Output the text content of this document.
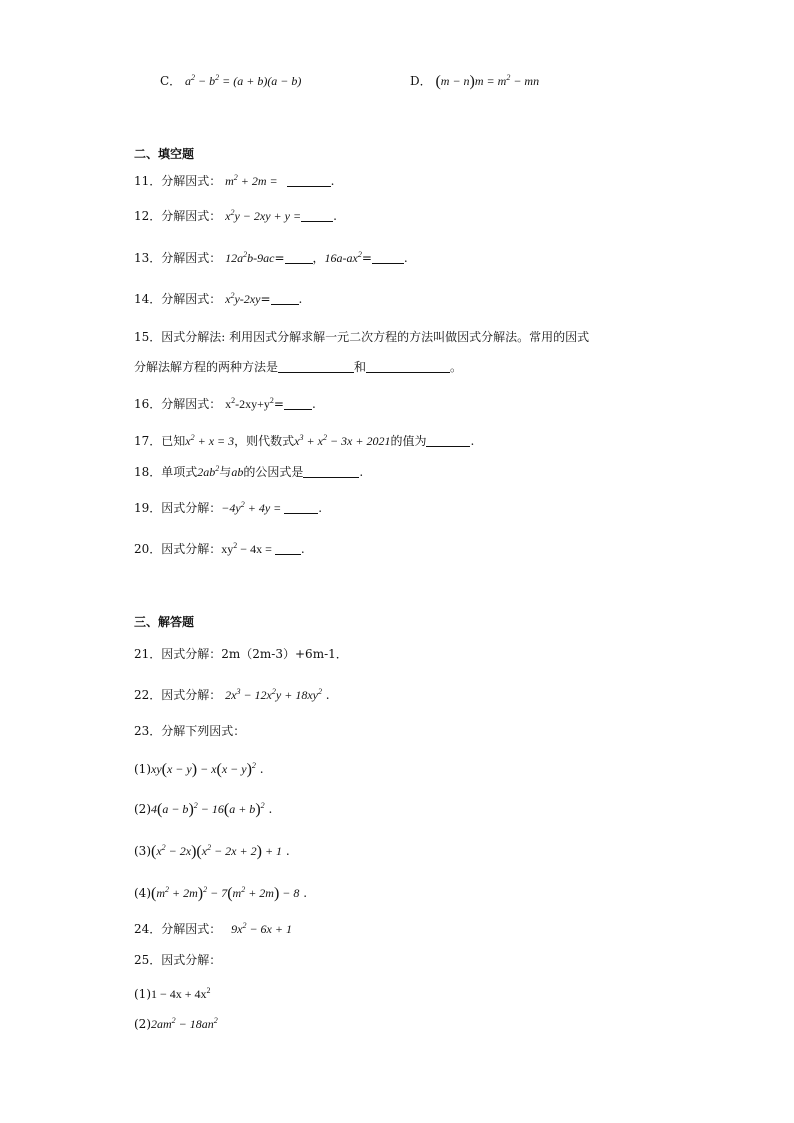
C． $a^2 - b^2 = (a + b)(a - b)$	D． $(m - n)m = m^2$ − mn
二、填空题
11．分解因式： $m^2 + 2m$ =	.
12．分解因式： $x^2y - 2xy + y$ =	.
13．分解因式： $12a^2b-9ac=$ ，$16a-ax^2=$	.
14．分解因式： $x^2y-2xy=$ .
15．因式分解法: 利用因式分解求解一元二次方程的方法叫做因式分解法。常用的因式
分解法解方程的两种方法是	和	。
16．分解因式： $x^2-2xy+y^2=$ .
17．已知$x^2 + x = 3$，则代数式$x^3 + x^2 - 3x + 2021$的值为	.
18．单项式$2ab^2$与ab的公因式是	.
19．因式分解：$-4y^2 + 4y$ =	.
20．因式分解：$xy^2 - 4x$ = .
三、解答题
21．因式分解：2m（2m-3）+6m-1．
22．因式分解： $2x^3 - 12x^2y + 18xy^2$ .
23．分解下列因式：
$(1)xy(x - y) - x(x - y)^2$ .
$(2)4(a - b)^2 - 16(a + b)^2$ .
$(3)(x^2 - 2x)(x^2 - 2x + 2) + 1$ .
$(4)(m^2 + 2m)^2 - 7(m^2 + 2m) - 8$ .
24．分解因式： $9x^2 - 6x + 1$
25．因式分解：
$(1)1 - 4x + 4x^2$
$(2)2am^2 - 18an^2$
